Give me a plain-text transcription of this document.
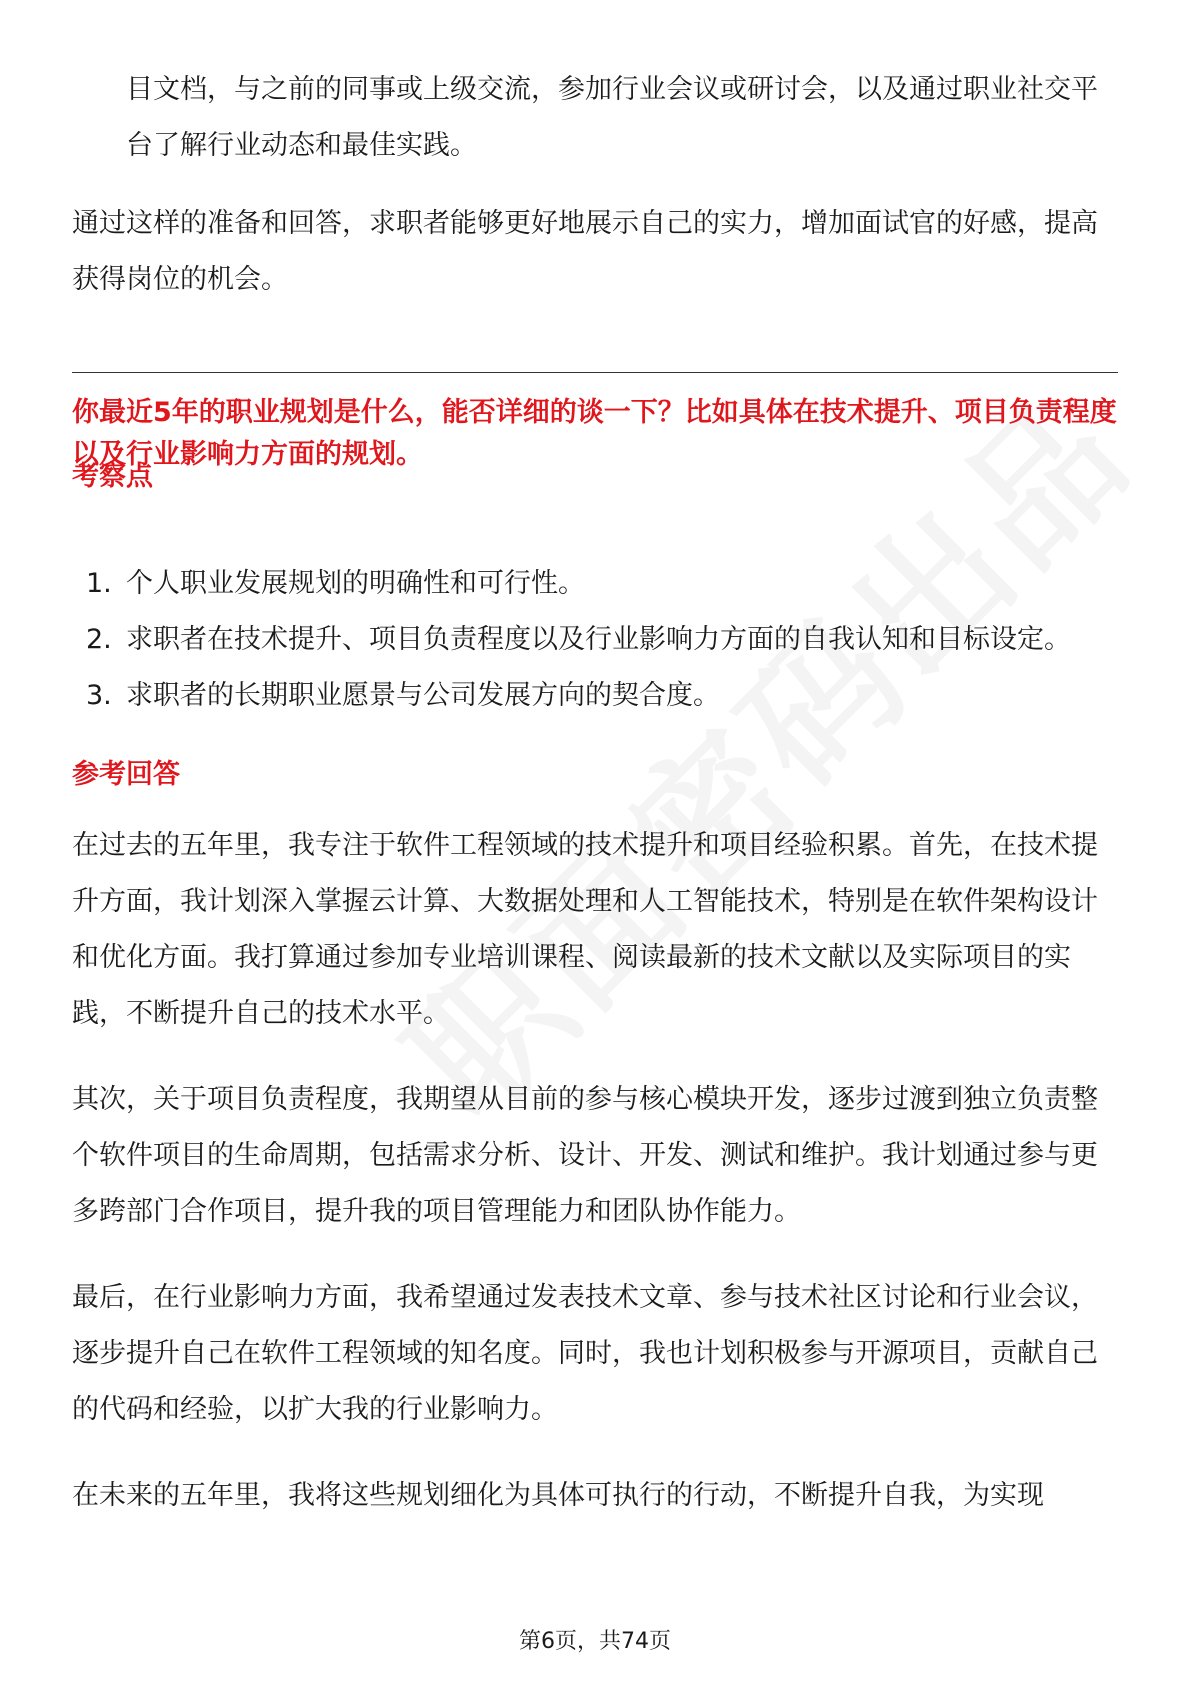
目文档，与之前的同事或上级交流，参加行业会议或研讨会，以及通过职业社交平台了解行业动态和最佳实践。

通过这样的准备和回答，求职者能够更好地展示自己的实力，增加面试官的好感，提高获得岗位的机会。

你最近5年的职业规划是什么，能否详细的谈一下？比如具体在技术提升、项目负责程度以及行业影响力方面的规划。

考察点

1. 个人职业发展规划的明确性和可行性。
2. 求职者在技术提升、项目负责程度以及行业影响力方面的自我认知和目标设定。
3. 求职者的长期职业愿景与公司发展方向的契合度。

参考回答

在过去的五年里，我专注于软件工程领域的技术提升和项目经验积累。首先，在技术提升方面，我计划深入掌握云计算、大数据处理和人工智能技术，特别是在软件架构设计和优化方面。我打算通过参加专业培训课程、阅读最新的技术文献以及实际项目的实践，不断提升自己的技术水平。

其次，关于项目负责程度，我期望从目前的参与核心模块开发，逐步过渡到独立负责整个软件项目的生命周期，包括需求分析、设计、开发、测试和维护。我计划通过参与更多跨部门合作项目，提升我的项目管理能力和团队协作能力。

最后，在行业影响力方面，我希望通过发表技术文章、参与技术社区讨论和行业会议，逐步提升自己在软件工程领域的知名度。同时，我也计划积极参与开源项目，贡献自己的代码和经验，以扩大我的行业影响力。

在未来的五年里，我将这些规划细化为具体可执行的行动，不断提升自我，为实现

第6页，共74页
